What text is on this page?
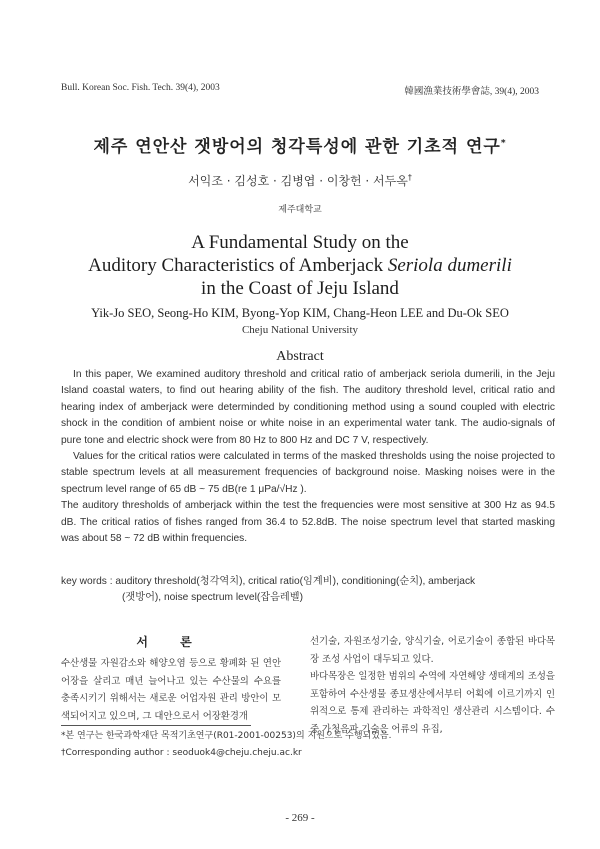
Bull. Korean Soc. Fish. Tech. 39(4), 2003	韓國漁業技術學會誌, 39(4), 2003
제주 연안산 잿방어의 청각특성에 관한 기초적 연구*
서익조 · 김성호 · 김병엽 · 이창헌 · 서두옥†
제주대학교
A Fundamental Study on the
Auditory Characteristics of Amberjack Seriola dumerili
in the Coast of Jeju Island
Yik-Jo SEO, Seong-Ho KIM, Byong-Yop KIM, Chang-Heon LEE and Du-Ok SEO
Cheju National University
Abstract

In this paper, We examined auditory threshold and critical ratio of amberjack seriola dumerili, in the Jeju Island coastal waters, to find out hearing ability of the fish. The auditory threshold level, critical ratio and hearing index of amberjack were determinded by conditioning method using a sound coupled with electric shock in the condition of ambient noise or white noise in an experimental water tank. The audio-signals of pure tone and electric shock were from 80 Hz to 800 Hz and DC 7 V, respectively.

Values for the critical ratios were calculated in terms of the masked thresholds using the noise projected to stable spectrum levels at all measurement frequencies of background noise. Masking noises were in the spectrum level range of 65 dB ~ 75 dB(re 1 μPa/√Hz ).

The auditory thresholds of amberjack within the test the frequencies were most sensitive at 300 Hz as 94.5 dB. The critical ratios of fishes ranged from 36.4 to 52.8dB. The noise spectrum level that started masking was about 58 ~ 72 dB within frequencies.

key words : auditory threshold(청각역치), critical ratio(임계비), conditioning(순치), amberjack
(잿방어), noise spectrum level(잡음레벨)
서 론

수산생물 자원감소와 해양오염 등으로 황폐화 된 연안어장을 살리고 매년 늘어나고 있는 수산물의 수요를 충족시키기 위해서는 새로운 어업자원 관리 방안이 모색되어지고 있으며, 그 대안으로서 어장환경개

선기술, 자원조성기술, 양식기술, 어로기술이 종합된 바다목장 조성 사업이 대두되고 있다.

바다목장은 일정한 범위의 수역에 자연해양 생태계의 조성을 포함하여 수산생물 종묘생산에서부터 어획에 이르기까지 인위적으로 통제 관리하는 과학적인 생산관리 시스템이다. 수중 가청음파 기술은 어류의 유집,

*본 연구는 한국과학재단 목적기초연구(R01-2001-00253)의 지원으로 수행되었음.
†Corresponding author : seoduok4@cheju.cheju.ac.kr
- 269 -
